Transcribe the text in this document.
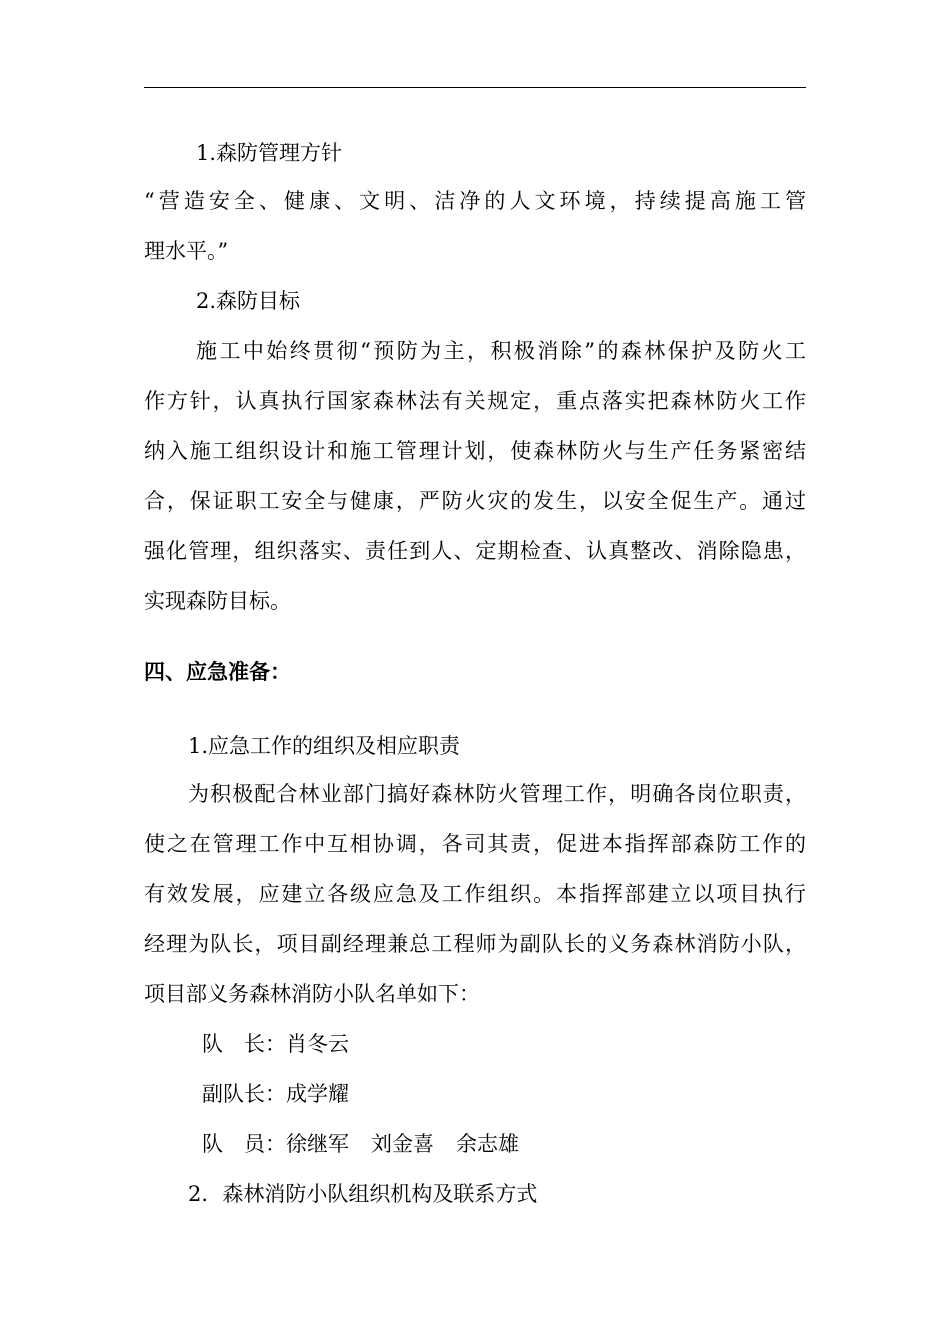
1.森防管理方针
“营造安全、健康、文明、洁净的人文环境，持续提高施工管
理水平。”
2.森防目标
施工中始终贯彻“预防为主，积极消除”的森林保护及防火工
作方针，认真执行国家森林法有关规定，重点落实把森林防火工作
纳入施工组织设计和施工管理计划，使森林防火与生产任务紧密结
合，保证职工安全与健康，严防火灾的发生，以安全促生产。通过
强化管理，组织落实、责任到人、定期检查、认真整改、消除隐患，
实现森防目标。
四、应急准备：
1.应急工作的组织及相应职责
为积极配合林业部门搞好森林防火管理工作，明确各岗位职责，
使之在管理工作中互相协调，各司其责，促进本指挥部森防工作的
有效发展，应建立各级应急及工作组织。本指挥部建立以项目执行
经理为队长，项目副经理兼总工程师为副队长的义务森林消防小队，
项目部义务森林消防小队名单如下：
队　长：肖冬云
副队长：成学耀
队　员：徐继军 刘金喜 余志雄
2．森林消防小队组织机构及联系方式
